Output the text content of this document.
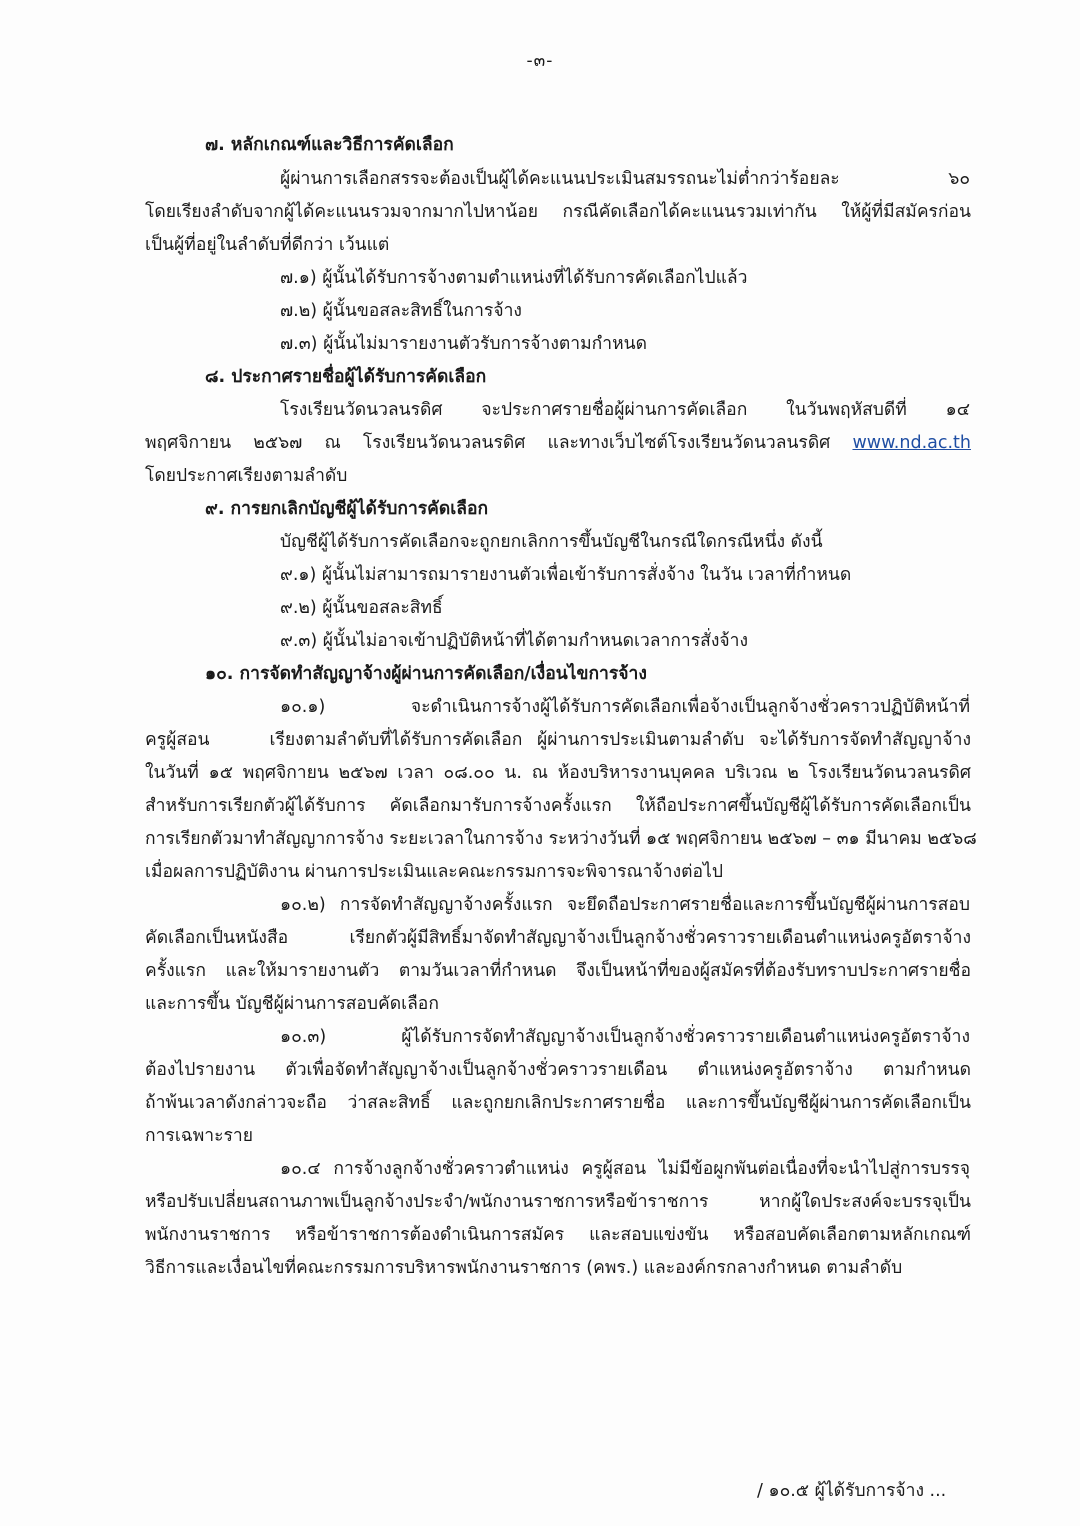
-๓-
๗. หลักเกณฑ์และวิธีการคัดเลือก
ผู้ผ่านการเลือกสรรจะต้องเป็นผู้ได้คะแนนประเมินสมรรถนะไม่ต่ำกว่าร้อยละ ๖๐
โดยเรียงลำดับจากผู้ได้คะแนนรวมจากมากไปหาน้อย กรณีคัดเลือกได้คะแนนรวมเท่ากัน ให้ผู้ที่มีสมัครก่อน
เป็นผู้ที่อยู่ในลำดับที่ดีกว่า เว้นแต่
๗.๑) ผู้นั้นได้รับการจ้างตามตำแหน่งที่ได้รับการคัดเลือกไปแล้ว
๗.๒) ผู้นั้นขอสละสิทธิ์ในการจ้าง
๗.๓) ผู้นั้นไม่มารายงานตัวรับการจ้างตามกำหนด
๘. ประกาศรายชื่อผู้ได้รับการคัดเลือก
โรงเรียนวัดนวลนรดิศ จะประกาศรายชื่อผู้ผ่านการคัดเลือก ในวันพฤหัสบดีที่ ๑๔
พฤศจิกายน ๒๕๖๗ ณ โรงเรียนวัดนวลนรดิศ และทางเว็บไซต์โรงเรียนวัดนวลนรดิศ www.nd.ac.th
โดยประกาศเรียงตามลำดับ
๙. การยกเลิกบัญชีผู้ได้รับการคัดเลือก
บัญชีผู้ได้รับการคัดเลือกจะถูกยกเลิกการขึ้นบัญชีในกรณีใดกรณีหนึ่ง ดังนี้
๙.๑) ผู้นั้นไม่สามารถมารายงานตัวเพื่อเข้ารับการสั่งจ้าง ในวัน เวลาที่กำหนด
๙.๒) ผู้นั้นขอสละสิทธิ์
๙.๓) ผู้นั้นไม่อาจเข้าปฏิบัติหน้าที่ได้ตามกำหนดเวลาการสั่งจ้าง
๑๐. การจัดทำสัญญาจ้างผู้ผ่านการคัดเลือก/เงื่อนไขการจ้าง
๑๐.๑) จะดำเนินการจ้างผู้ได้รับการคัดเลือกเพื่อจ้างเป็นลูกจ้างชั่วคราวปฏิบัติหน้าที่
ครูผู้สอน	เรียงตามลำดับที่ได้รับการคัดเลือก ผู้ผ่านการประเมินตามลำดับ จะได้รับการจัดทำสัญญาจ้าง
ในวันที่ ๑๕ พฤศจิกายน ๒๕๖๗ เวลา ๐๘.๐๐ น. ณ ห้องบริหารงานบุคคล บริเวณ ๒ โรงเรียนวัดนวลนรดิศ
สำหรับการเรียกตัวผู้ได้รับการ คัดเลือกมารับการจ้างครั้งแรก ให้ถือประกาศขึ้นบัญชีผู้ได้รับการคัดเลือกเป็น
การเรียกตัวมาทำสัญญาการจ้าง ระยะเวลาในการจ้าง ระหว่างวันที่ ๑๕ พฤศจิกายน ๒๕๖๗ – ๓๑ มีนาคม ๒๕๖๘
เมื่อผลการปฏิบัติงาน ผ่านการประเมินและคณะกรรมการจะพิจารณาจ้างต่อไป
๑๐.๒) การจัดทำสัญญาจ้างครั้งแรก จะยึดถือประกาศรายชื่อและการขึ้นบัญชีผู้ผ่านการสอบ
คัดเลือกเป็นหนังสือ เรียกตัวผู้มีสิทธิ์มาจัดทำสัญญาจ้างเป็นลูกจ้างชั่วคราวรายเดือนตำแหน่งครูอัตราจ้าง
ครั้งแรก และให้มารายงานตัว ตามวันเวลาที่กำหนด จึงเป็นหน้าที่ของผู้สมัครที่ต้องรับทราบประกาศรายชื่อ
และการขึ้น บัญชีผู้ผ่านการสอบคัดเลือก
๑๐.๓) ผู้ได้รับการจัดทำสัญญาจ้างเป็นลูกจ้างชั่วคราวรายเดือนตำแหน่งครูอัตราจ้าง
ต้องไปรายงาน ตัวเพื่อจัดทำสัญญาจ้างเป็นลูกจ้างชั่วคราวรายเดือน ตำแหน่งครูอัตราจ้าง ตามกำหนด
ถ้าพ้นเวลาดังกล่าวจะถือ ว่าสละสิทธิ์ และถูกยกเลิกประกาศรายชื่อ และการขึ้นบัญชีผู้ผ่านการคัดเลือกเป็น
การเฉพาะราย
๑๐.๔ การจ้างลูกจ้างชั่วคราวตำแหน่ง ครูผู้สอน ไม่มีข้อผูกพันต่อเนื่องที่จะนำไปสู่การบรรจุ
หรือปรับเปลี่ยนสถานภาพเป็นลูกจ้างประจำ/พนักงานราชการหรือข้าราชการ หากผู้ใดประสงค์จะบรรจุเป็น
พนักงานราชการ หรือข้าราชการต้องดำเนินการสมัคร และสอบแข่งขัน หรือสอบคัดเลือกตามหลักเกณฑ์
วิธีการและเงื่อนไขที่คณะกรรมการบริหารพนักงานราชการ (คพร.) และองค์กรกลางกำหนด ตามลำดับ
/ ๑๐.๕ ผู้ได้รับการจ้าง ...
